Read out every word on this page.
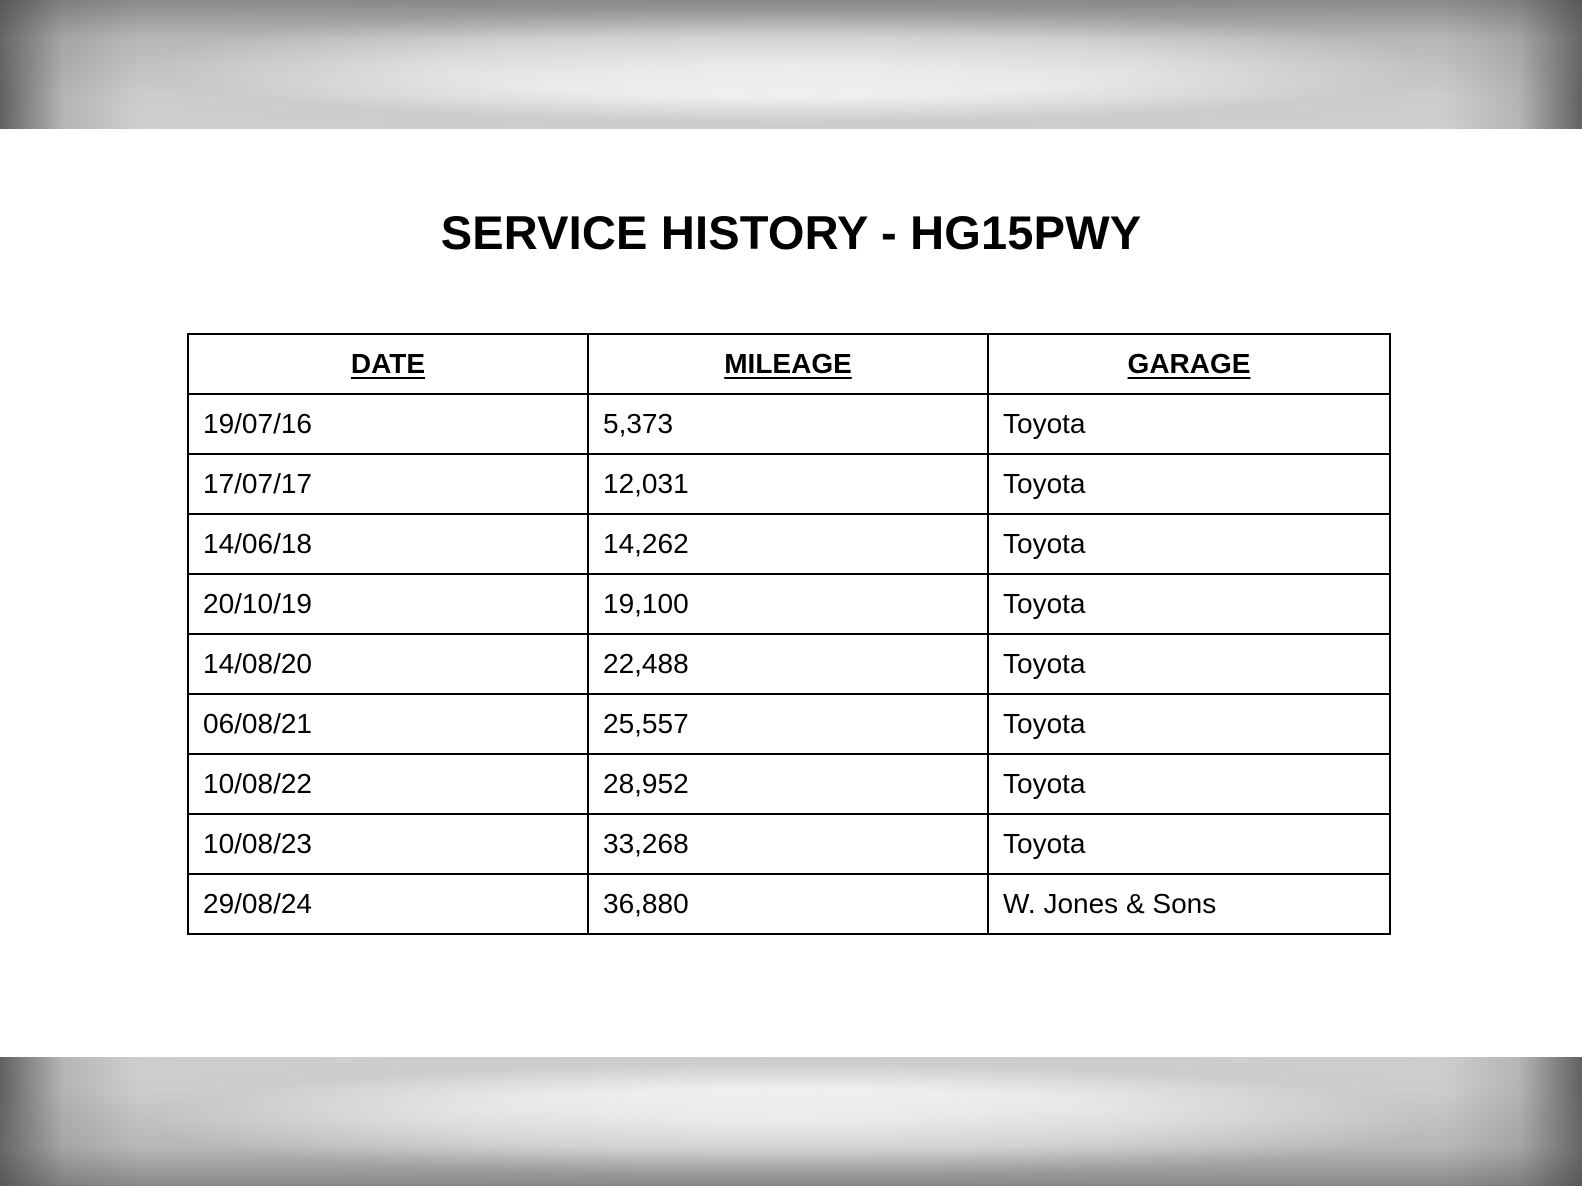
SERVICE HISTORY - HG15PWY
DATE	MILEAGE	GARAGE
19/07/16	5,373	Toyota
17/07/17	12,031	Toyota
14/06/18	14,262	Toyota
20/10/19	19,100	Toyota
14/08/20	22,488	Toyota
06/08/21	25,557	Toyota
10/08/22	28,952	Toyota
10/08/23	33,268	Toyota
29/08/24	36,880	W. Jones & Sons
